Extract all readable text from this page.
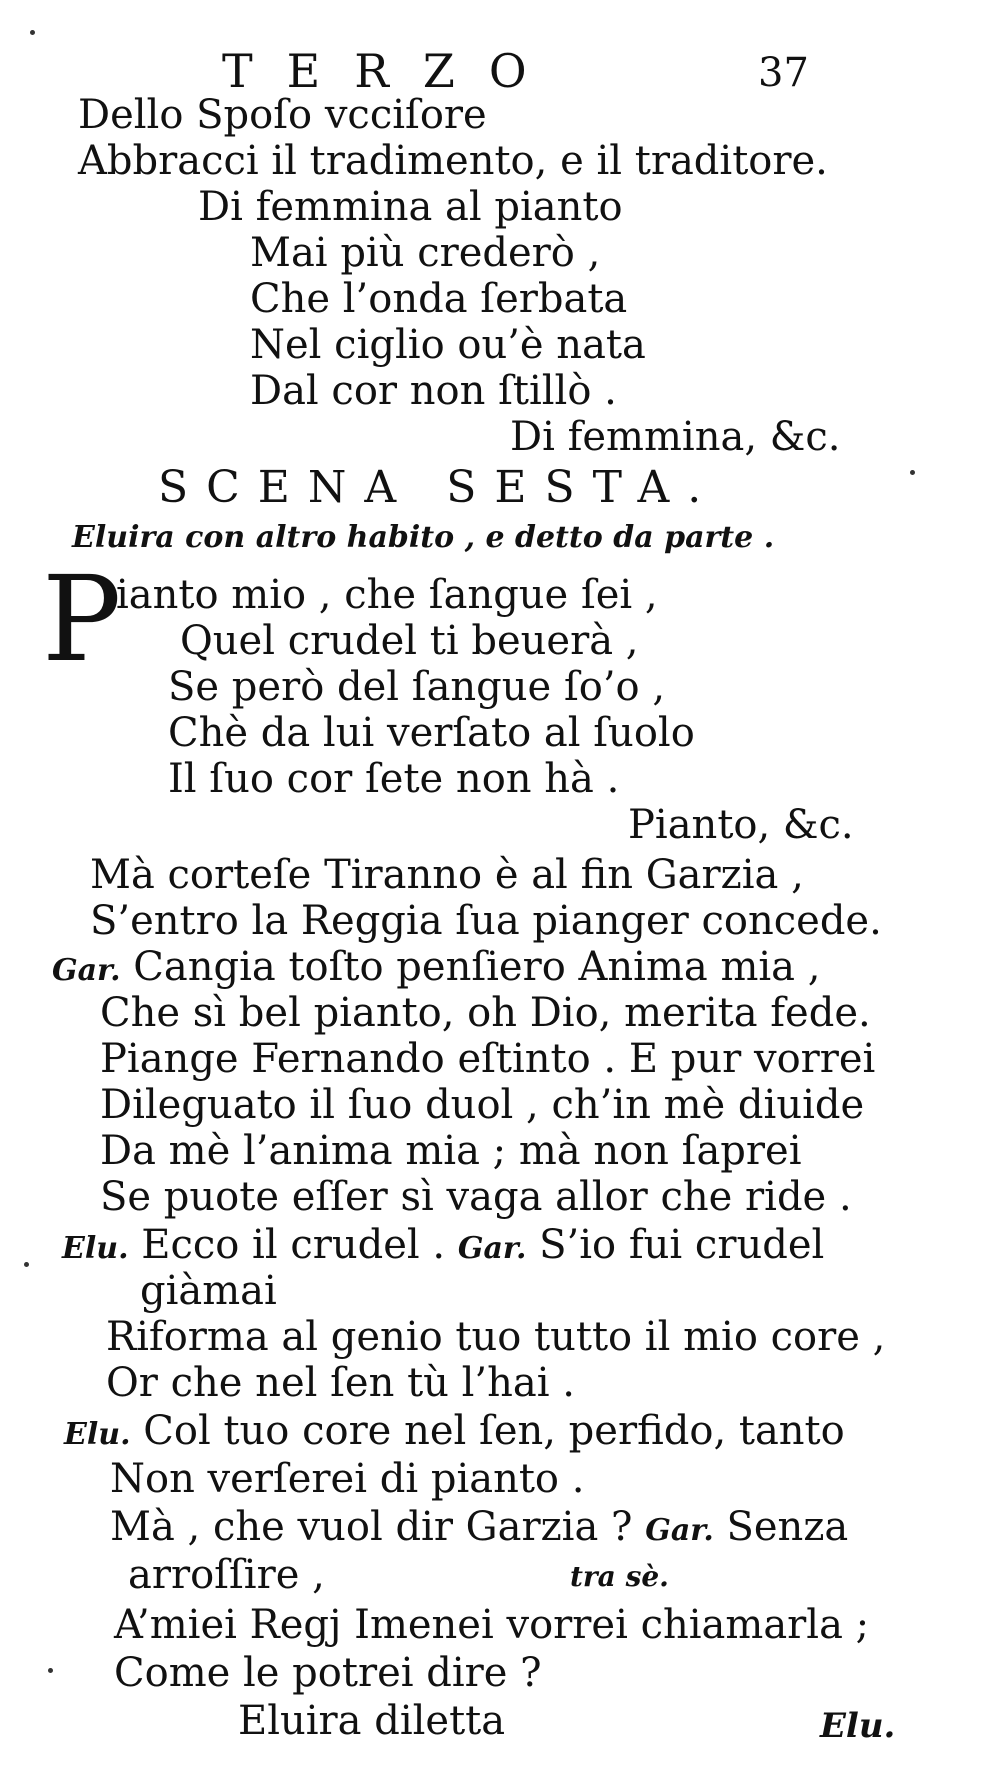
TERZO	37
Dello Spoſo vcciſore
Abbracci il tradimento, e il traditore.
Di femmina al pianto
Mai più crederò ,
Che l’onda ſerbata
Nel ciglio ou’è nata
Dal cor non ſtillò .
Di femmina, &c.
SCENA SESTA.
Eluira con altro habito , e detto da parte .
P
ianto mio , che ſangue ſei ,
Quel crudel ti beuerà ,
Se però del ſangue ſo’o ,
Chè da lui verſato al ſuolo
Il ſuo cor ſete non hà .
Pianto, &c.
Mà corteſe Tiranno è al fin Garzia ,
S’entro la Reggia ſua pianger concede.
Gar. Cangia toſto penſiero Anima mia ,
Che sì bel pianto, oh Dio, merita fede.
Piange Fernando eſtinto . E pur vorrei
Dileguato il ſuo duol , ch’in mè diuide
Da mè l’anima mia ; mà non ſaprei
Se puote eſſer sì vaga allor che ride .
Elu. Ecco il crudel . Gar. S’io fui crudel
giàmai
Riforma al genio tuo tutto il mio core ,
Or che nel ſen tù l’hai .
Elu. Col tuo core nel ſen, perfido, tanto
Non verſerei di pianto .
Mà , che vuol dir Garzia ? Gar. Senza
arroſſire ,	tra sè.
A’miei Regj Imenei vorrei chiamarla ;
Come le potrei dire ?
Eluira diletta	Elu.
